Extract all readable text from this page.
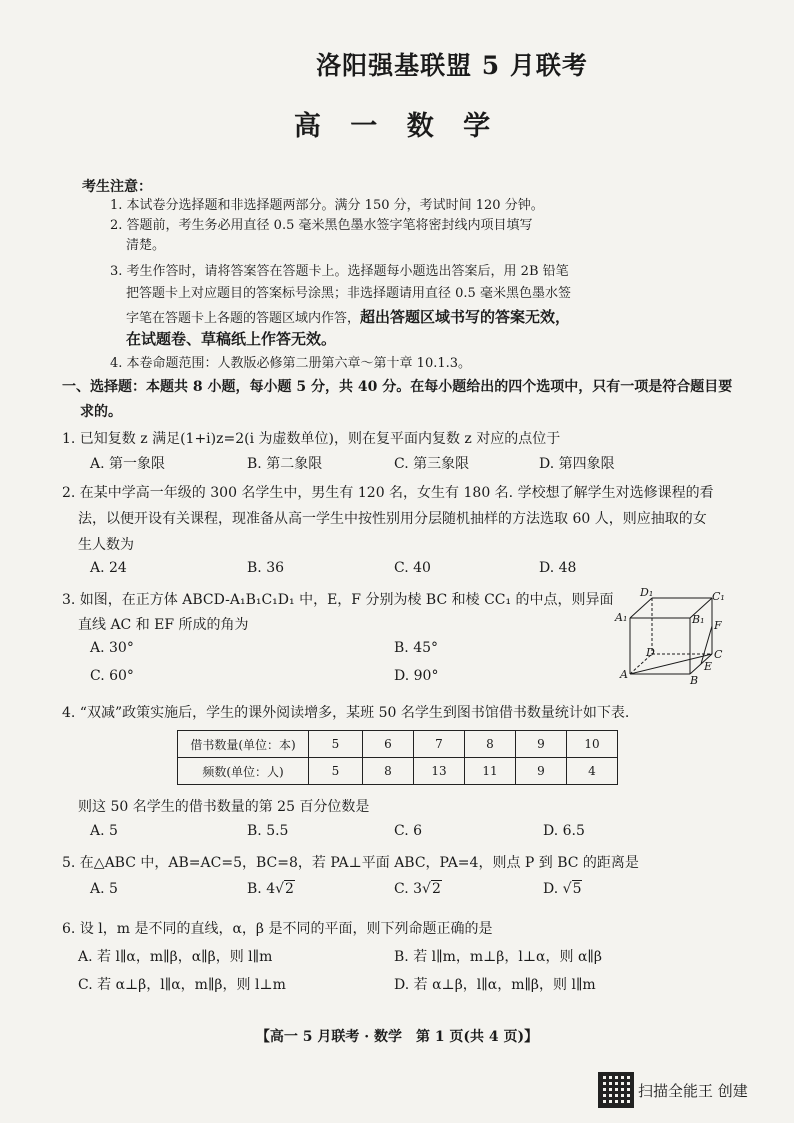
洛阳强基联盟 5 月联考
高 一 数 学
考生注意：
1. 本试卷分选择题和非选择题两部分。满分 150 分，考试时间 120 分钟。
2. 答题前，考生务必用直径 0.5 毫米黑色墨水签字笔将密封线内项目填写
清楚。
3. 考生作答时，请将答案答在答题卡上。选择题每小题选出答案后，用 2B 铅笔
把答题卡上对应题目的答案标号涂黑；非选择题请用直径 0.5 毫米黑色墨水签
字笔在答题卡上各题的答题区域内作答，超出答题区域书写的答案无效，
在试题卷、草稿纸上作答无效。
4. 本卷命题范围：人教版必修第二册第六章～第十章 10.1.3。
一、选择题：本题共 8 小题，每小题 5 分，共 40 分。在每小题给出的四个选项中，只有一项是符合题目要
求的。
1. 已知复数 z 满足(1+i)z=2(i 为虚数单位)，则在复平面内复数 z 对应的点位于
A. 第一象限	B. 第二象限	C. 第三象限	D. 第四象限
2. 在某中学高一年级的 300 名学生中，男生有 120 名，女生有 180 名. 学校想了解学生对选修课程的看
法，以便开设有关课程，现准备从高一学生中按性别用分层随机抽样的方法选取 60 人，则应抽取的女
生人数为
A. 24	B. 36	C. 40	D. 48
3. 如图，在正方体 ABCD-A₁B₁C₁D₁ 中，E，F 分别为棱 BC 和棱 CC₁ 的中点，则异面
直线 AC 和 EF 所成的角为
A. 30°	B. 45°
C. 60°	D. 90°
D₁	C₁
A₁	B₁ F
D	C
A	B
E
4. “双减”政策实施后，学生的课外阅读增多，某班 50 名学生到图书馆借书数量统计如下表.
借书数量(单位：本)	5	6	7	8	9	10
频数(单位：人)	5	8	13	11	9	4
则这 50 名学生的借书数量的第 25 百分位数是
A. 5	B. 5.5	C. 6	D. 6.5
5. 在△ABC 中，AB=AC=5，BC=8，若 PA⊥平面 ABC，PA=4，则点 P 到 BC 的距离是
A. 5	B. 4√2	C. 3√2	D. √5
6. 设 l，m 是不同的直线，α，β 是不同的平面，则下列命题正确的是
A. 若 l∥α，m∥β，α∥β，则 l∥m	B. 若 l∥m，m⊥β，l⊥α，则 α∥β
C. 若 α⊥β，l∥α，m∥β，则 l⊥m	D. 若 α⊥β，l∥α，m∥β，则 l∥m
【高一 5 月联考 · 数学　第 1 页(共 4 页)】
扫描全能王 创建
